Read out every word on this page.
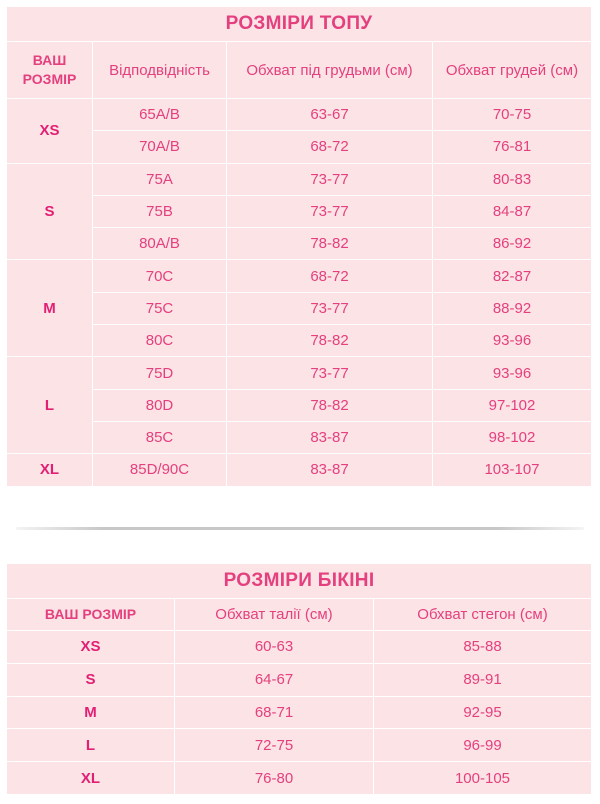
РОЗМІРИ ТОПУ			
ВАШ РОЗМІР	Відподвідність	Обхват під грудьми (см)	Обхват грудей (см)
XS	65A/B	63-67	70-75
	70A/B	68-72	76-81
S	75A	73-77	80-83
	75B	73-77	84-87
	80A/B	78-82	86-92
M	70C	68-72	82-87
	75C	73-77	88-92
	80C	78-82	93-96
L	75D	73-77	93-96
	80D	78-82	97-102
	85C	83-87	98-102
XL	85D/90C	83-87	103-107
РОЗМІРИ БІКІНІ		
ВАШ РОЗМІР	Обхват талії (см)	Обхват стегон (см)
XS	60-63	85-88
S	64-67	89-91
M	68-71	92-95
L	72-75	96-99
XL	76-80	100-105
